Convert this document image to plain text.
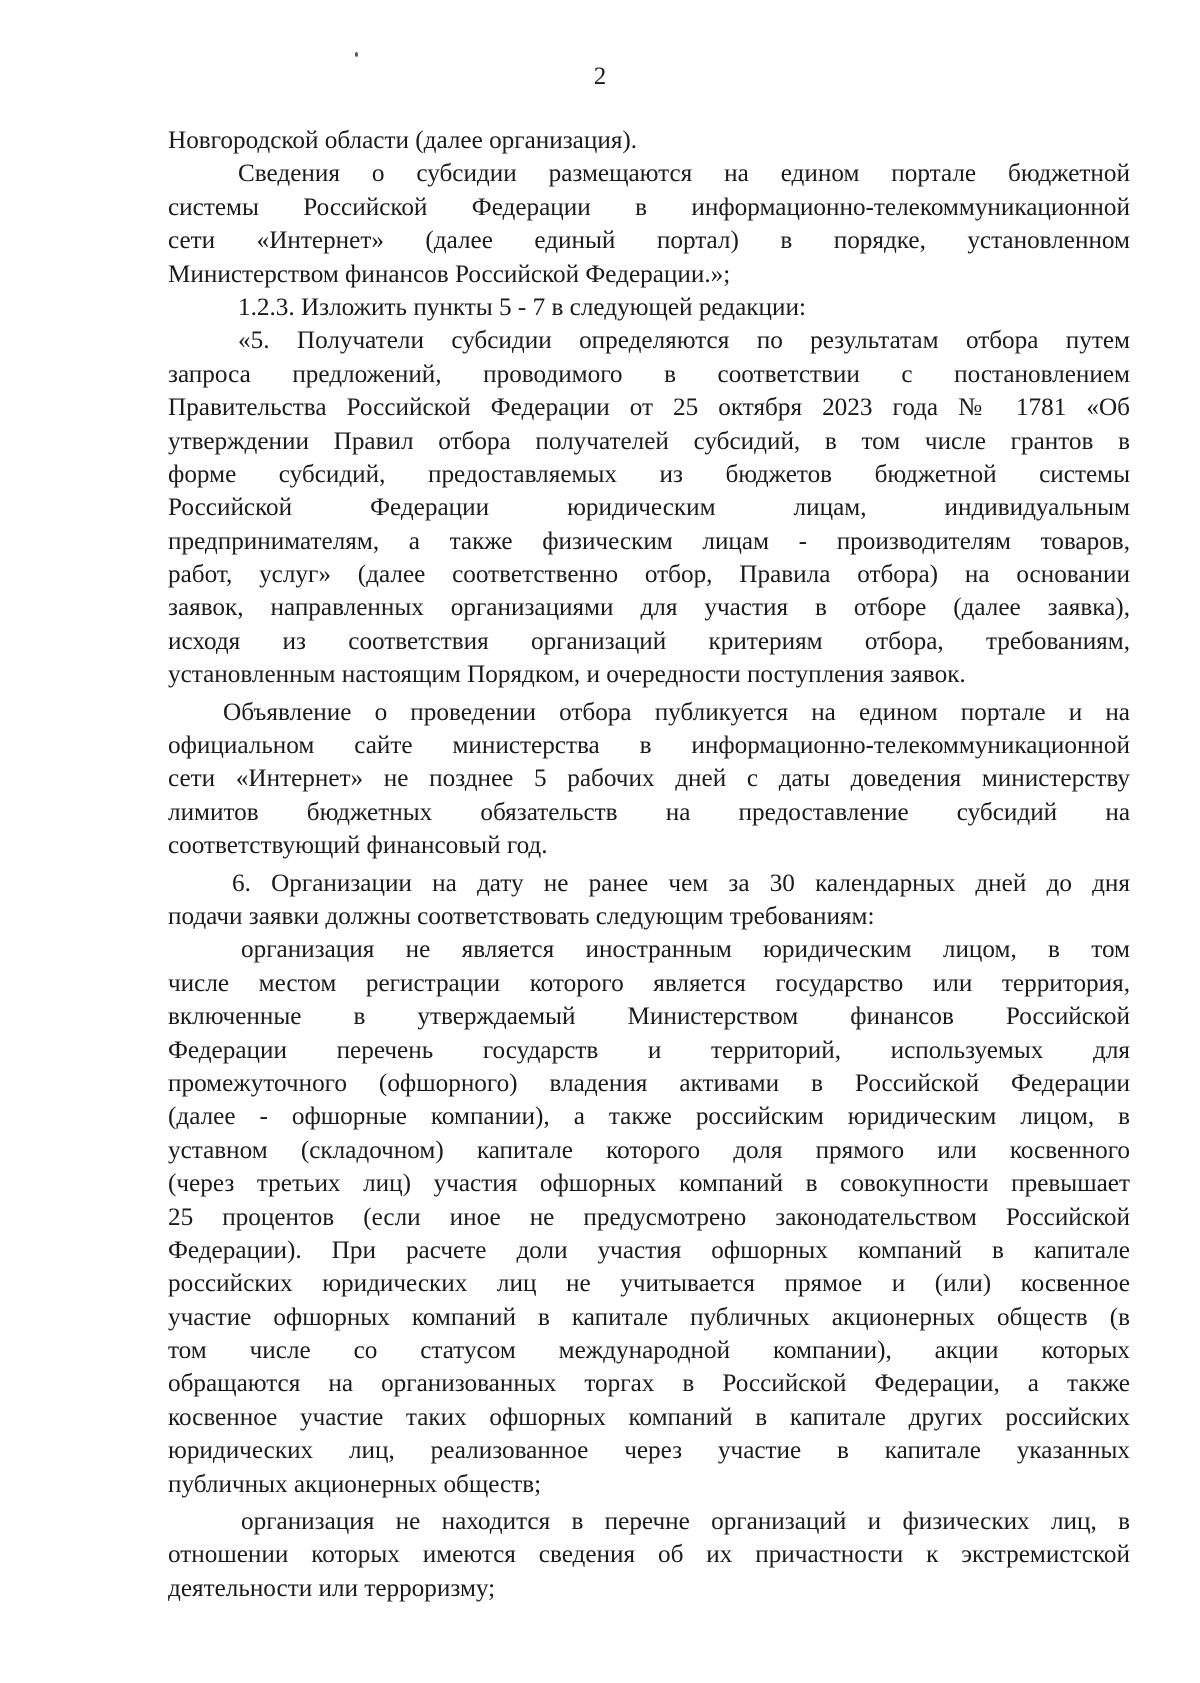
2

Новгородской области (далее организация).

Сведения о субсидии размещаются на едином портале бюджетной

системы Российской Федерации в информационно-телекоммуникационной

сети «Интернет» (далее единый портал) в порядке, установленном

Министерством финансов Российской Федерации.»;

1.2.3. Изложить пункты 5 - 7 в следующей редакции:

«5. Получатели субсидии определяются по результатам отбора путем

запроса предложений, проводимого в соответствии с постановлением

Правительства Российской Федерации от 25 октября 2023 года № 1781 «Об

утверждении Правил отбора получателей субсидий, в том числе грантов в

форме субсидий, предоставляемых из бюджетов бюджетной системы

Российской Федерации юридическим лицам, индивидуальным

предпринимателям, а также физическим лицам - производителям товаров,

работ, услуг» (далее соответственно отбор, Правила отбора) на основании

заявок, направленных организациями для участия в отборе (далее заявка),

исходя из соответствия организаций критериям отбора, требованиям,

установленным настоящим Порядком, и очередности поступления заявок.

Объявление о проведении отбора публикуется на едином портале и на

официальном сайте министерства в информационно-телекоммуникационной

сети «Интернет» не позднее 5 рабочих дней с даты доведения министерству

лимитов бюджетных обязательств на предоставление субсидий на

соответствующий финансовый год.

6. Организации на дату не ранее чем за 30 календарных дней до дня

подачи заявки должны соответствовать следующим требованиям:

организация не является иностранным юридическим лицом, в том

числе местом регистрации которого является государство или территория,

включенные в утверждаемый Министерством финансов Российской

Федерации перечень государств и территорий, используемых для

промежуточного (офшорного) владения активами в Российской Федерации

(далее - офшорные компании), а также российским юридическим лицом, в

уставном (складочном) капитале которого доля прямого или косвенного

(через третьих лиц) участия офшорных компаний в совокупности превышает

25 процентов (если иное не предусмотрено законодательством Российской

Федерации). При расчете доли участия офшорных компаний в капитале

российских юридических лиц не учитывается прямое и (или) косвенное

участие офшорных компаний в капитале публичных акционерных обществ (в

том числе со статусом международной компании), акции которых

обращаются на организованных торгах в Российской Федерации, а также

косвенное участие таких офшорных компаний в капитале других российских

юридических лиц, реализованное через участие в капитале указанных

публичных акционерных обществ;

организация не находится в перечне организаций и физических лиц, в

отношении которых имеются сведения об их причастности к экстремистской

деятельности или терроризму;
